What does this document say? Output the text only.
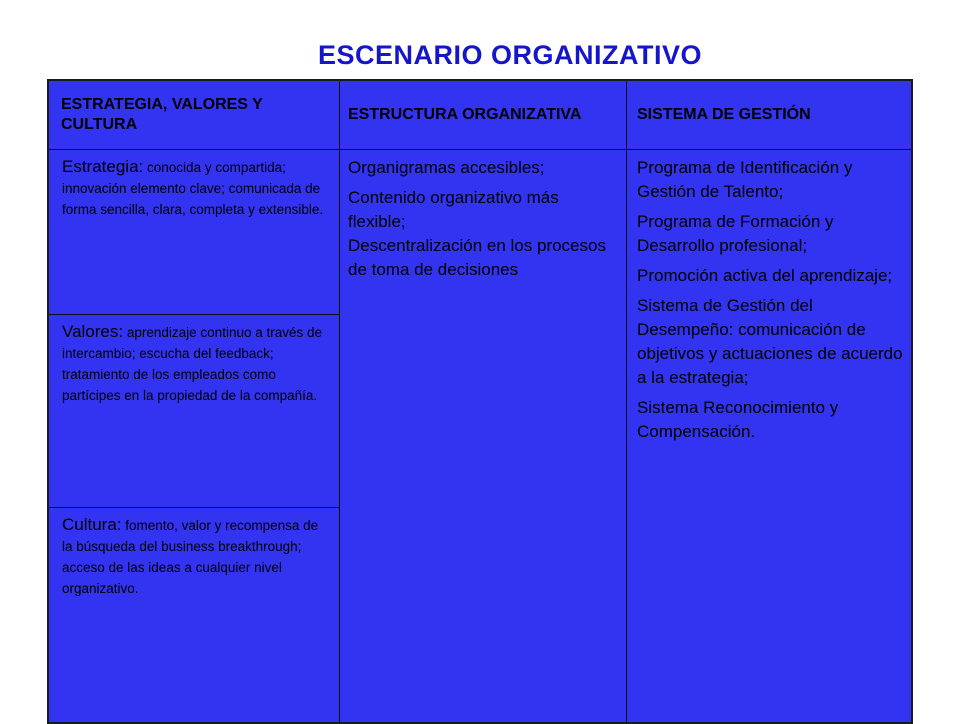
ESCENARIO ORGANIZATIVO
ESTRATEGIA, VALORES Y CULTURA
ESTRUCTURA ORGANIZATIVA	SISTEMA DE GESTIÓN
Estrategia: conocida y compartida; innovación elemento clave; comunicada de forma sencilla, clara, completa y extensible.
Valores: aprendizaje continuo a través de intercambio; escucha del feedback; tratamiento de los empleados como partícipes en la propiedad de la compañía.
Cultura: fomento, valor y recompensa de la búsqueda del business breakthrough; acceso de las ideas a cualquier nivel organizativo.

Organigramas accesibles;

Contenido organizativo más flexible;

Descentralización en los procesos de toma de decisiones

Programa de Identificación y Gestión de Talento;

Programa de Formación y Desarrollo profesional;

Promoción activa del aprendizaje;

Sistema de Gestión del Desempeño: comunicación de objetivos y actuaciones de acuerdo a la estrategia;

Sistema Reconocimiento y Compensación.
